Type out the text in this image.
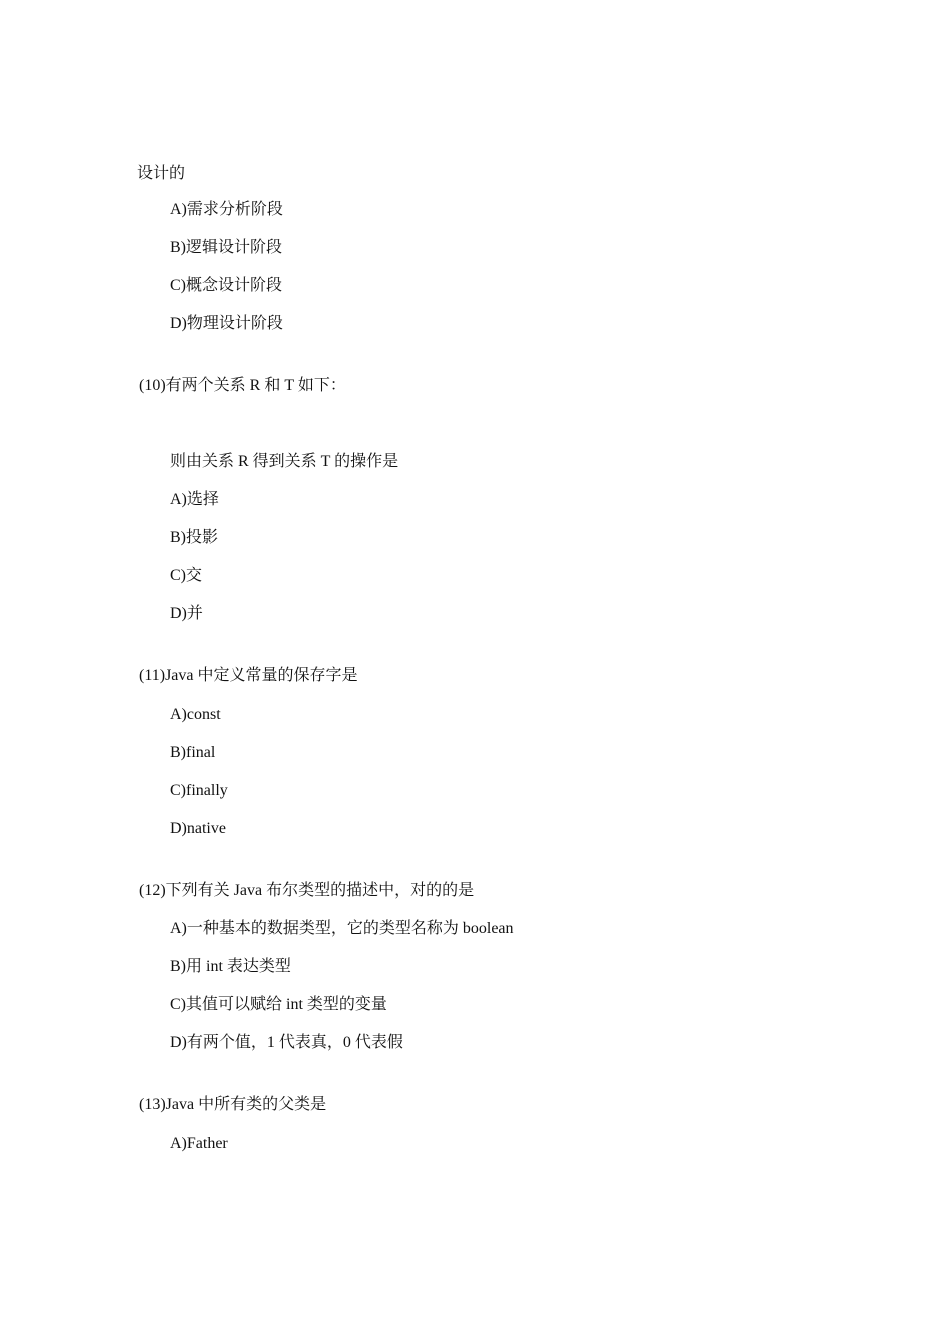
设计的
A)需求分析阶段
B)逻辑设计阶段
C)概念设计阶段
D)物理设计阶段
(10)有两个关系 R 和 T 如下：
则由关系 R 得到关系 T 的操作是
A)选择
B)投影
C)交
D)并
(11)Java 中定义常量的保存字是
A)const
B)final
C)finally
D)native
(12)下列有关 Java 布尔类型的描述中，对的的是
A)一种基本的数据类型，它的类型名称为 boolean
B)用 int 表达类型
C)其值可以赋给 int 类型的变量
D)有两个值，1 代表真，0 代表假
(13)Java 中所有类的父类是
A)Father
